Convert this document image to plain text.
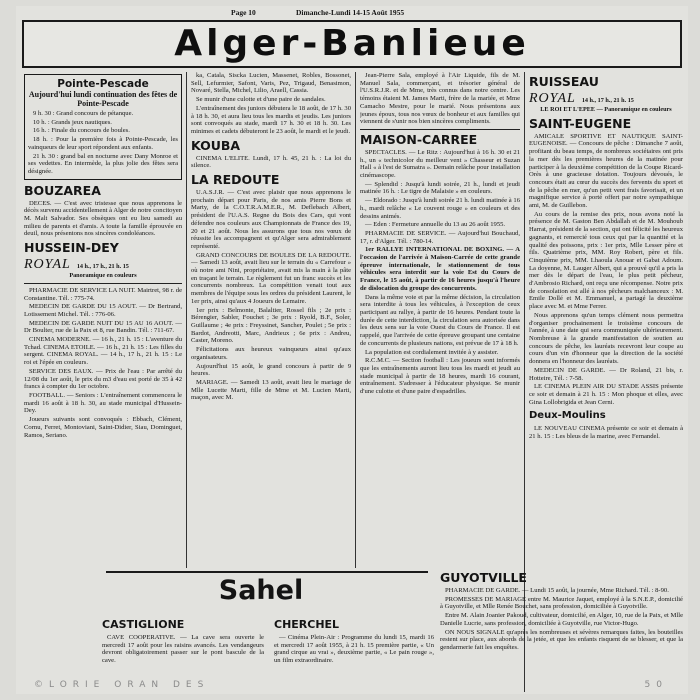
Page 10	Dimanche-Lundi 14-15 Août 1955
Alger-Banlieue
Pointe-Pescade
Aujourd'hui lundi continuation des fêtes de Pointe-Pescade

9 h. 30 : Grand concours de pétanque.

10 h. : Grands jeux nautiques.

16 h. : Finale du concours de boules.

18 h. : Pour la première fois à Pointe-Pescade, les vainqueurs de leur sport répondent aux enfants.

21 h. 30 : grand bal en nocturne avec Dany Monroe et ses vedettes. En intermède, la plus jolie des fêtes sera désignée.

BOUZAREA

DECES. — C'est avec tristesse que nous apprenons le décès survenu accidentellement à Alger de notre concitoyen M. Malt Salvador. Ses obsèques ont eu lieu samedi au milieu de parents et d'amis. A toute la famille éprouvée en deuil, nous présentons nos sincères condoléances.

HUSSEIN-DEY
ROYAL 14 h., 17 h., 21 h. 15
Panoramique en couleurs

PHARMACIE DE SERVICE LA NUIT. Mairtret, 98 r. de Constantine. Tél. : 775-74.

MEDECIN DE GARDE DU 15 AOUT. — Dr Bertrand, Lotissement Michel. Tél. : 776-06.

MEDECIN DE GARDE NUIT DU 15 AU 16 AOUT. — Dr Boulter, rue de la Paix et 8, rue Bandin. Tél. : 711-67.

CINEMA MODERNE. — 16 h., 21 h. 15 : L'aventure du Tchad. CINEMA ETOILE. — 16 h., 21 h. 15 : Les filles du sergent. CINEMA ROYAL. — 14 h., 17 h., 21 h. 15 : Le roi et l'épée en couleurs.

SERVICE DES EAUX. — Prix de l'eau : Par arrêté du 12/08 du 1er août, le prix du m3 d'eau est porté de 35 à 42 francs à compter du 1er octobre.

FOOTBALL. — Seniors : L'entraînement commencera le mardi 16 août à 18 h. 30, au stade municipal d'Hussein-Dey.

Joueurs suivants sont convoqués : Ebbach, Clément, Cornu, Ferret, Montoviani, Saint-Didier, Siau, Dominguet, Ramos, Seriano.

ka, Catala, Siscka Lucien, Massenet, Robles, Bossonet, Sell, Lefurmier, Safont, Varis, Pez, Trigaud, Benasimon, Novaré, Stella, Michel, Lilio, Araell, Cassia.

Se munir d'une culotte et d'une paire de sandales.

L'entraînement des juniors débutera le 18 août, de 17 h. 30 à 18 h. 30, et aura lieu tous les mardis et jeudis. Les juniors sont convoqués au stade, mardi 17 h. 30 et 18 h. 30. Les minimes et cadets débuteront le 23 août, le mardi et le jeudi.

KOUBA

CINEMA L'ELITE. Lundi, 17 h. 45, 21 h. : La loi du silence.

LA REDOUTE

U.A.S.J.R. — C'est avec plaisir que nous apprenons le prochain départ pour Paris, de nos amis Pierre Bons et Marty, de la C.O.T.R.A.M.E.R., M. Deflebach Albert, président de l'U.A.S. Regne du Bois des Cars, qui vont défendre nos couleurs aux Championnats de France des 19, 20 et 21 août. Nous les assurons que tous nos vœux de réussite les accompagnent et qu'Alger sera admirablement représenté.

GRAND CONCOURS DE BOULES DE LA REDOUTE. — Samedi 13 août, avait lieu sur le terrain du « Carrefour » où notre ami Nini, propriétaire, avait mis la main à la pâte en traçant le terrain. Le règlement fut un franc succès et les concurrents nombreux. La compétition venait tout aux membres de l'équipe sous les ordres du président Laurent, le 1er prix, ainsi qu'aux 4 Joueurs de Lemaire.

1er prix : Belmonte, Balaltier, Rossel fils ; 2e prix : Bérengier, Sabler, Fouchet ; 3e prix : Ryold, B.F., Soler, Guillaume ; 4e prix : Freyssinet, Sancher, Poulet ; 5e prix : Bardot, Andreotti, Marc, Andrieux ; 6e prix : Andreu, Caster, Moreno.

Félicitations aux heureux vainqueurs ainsi qu'aux organisateurs.

Aujourd'hui 15 août, le grand concours à partir de 9 heures.

MARIAGE. — Samedi 13 août, avait lieu le mariage de Mlle Lucette Marti, fille de Mme et M. Lucien Marti, maçon, avec M.

Jean-Pierre Sala, employé à l'Air Liquide, fils de M. Manuel Sala, commerçant, et trésorier général de l'U.S.R.J.R. et de Mme, très connus dans notre centre. Les témoins étaient M. James Marti, frère de la mariée, et Mme Camacho Mestre, pour le marié. Nous présentons aux jeunes époux, tous nos vœux de bonheur et aux familles qui viennent de s'unir nos bien sincères compliments.

MAISON-CARREE

SPECTACLES. — Le Ritz : Aujourd'hui à 16 h. 30 et 21 h., un « technicolor du meilleur vent » Chasseur et Suzan Hall « à l'est de Sumatra ». Demain relâche pour installation cinémascope.

— Splendid : Jusqu'à lundi soirée, 21 h., lundi et jeudi matinée 16 h. : Le tigre de Malaisie » en couleurs.

— Eldorado : Jusqu'à lundi soirée 21 h. lundi matinée à 16 h., mardi relâche « Le couvent rouge » en couleurs et des dessins animés.

— Eden : Fermeture annuelle du 13 au 26 août 1955.

PHARMACIE DE SERVICE. — Aujourd'hui Bouchaud, 17, r. d'Alger. Tél. : 780-14.

1er RALLYE INTERNATIONAL DE BOXING. — A l'occasion de l'arrivée à Maison-Carrée de cette grande épreuve internationale, le stationnement de tous véhicules sera interdit sur la voie Est du Cours de France, le 15 août, à partir de 16 heures jusqu'à l'heure de dislocation du groupe des concurrents.

Dans la même voie et par la même décision, la circulation sera interdite à tous les véhicules, à l'exception de ceux participant au rallye, à partir de 16 heures. Pendant toute la durée de cette interdiction, la circulation sera autorisée dans les deux sens sur la voie Ouest du Cours de France. Il est rappelé, que l'arrivée de cette épreuve groupant une centaine de concurrents de plusieurs nations, est prévue de 17 à 18 h.

La population est cordialement invitée à y assister.

R.C.M.C. — Section football : Les joueurs sont informés que les entraînements auront lieu tous les mardi et jeudi au stade municipal à partir de 18 heures, mardi 16 courant, entraînement. S'adresser à l'éducateur physique. Se munir d'une culotte et d'une paire d'espadrilles.

RUISSEAU
ROYAL 14 h., 17 h., 21 h. 15
LE ROI ET L'EPEE — Panoramique en couleurs
SAINT-EUGENE

AMICALE SPORTIVE ET NAUTIQUE SAINT-EUGENOISE. — Concours de pêche : Dimanche 7 août, profitant du beau temps, de nombreux sociétaires ont pris la mer dès les premières heures de la matinée pour participer à la deuxième compétition de la Coupe Ricard-Orès à une gracieuse dotation. Toujours dévoués, le concours était au cœur du succès des fervents du sport et de la pêche en mer, qu'un petit vent frais favorisait, et un magnifique service à porté offert par notre sympathique ami, M. de Guillebon.

Au cours de la remise des prix, nous avons noté la présence de M. Gaston Ben Abdallah et de M. Mouhoub Harrat, président de la section, qui ont félicité les heureux gagnants, et remercié tous ceux qui par la quantité et la qualité des poissons, prix : 1er prix, Mlle Lesser père et fils. Quatrième prix, MM. Roy Robert, père et fils. Cinquième prix, MM. Lhaoula Anouar et Gabat Adoum. La doyenne, M. Lauger Albert, qui a prouvé qu'il a pris la mer dès le départ de l'eau, le plus petit pêcheur, d'Ambrosio Richard, ont reçu une récompense. Notre prix de consolation est allé à nos pêcheurs malchanceux : M. Emile Dollé et M. Emmanuel, a partagé la deuxième place avec M. et Mme Ferrer.

Nous apprenons qu'un temps clément nous permettra d'organiser prochainement le troisième concours de l'année, à une date qui sera communiquée ultérieurement. Nombreuse à la grande manifestation de soutien au concours de pêche, les lauréats recevront leur coupe au cours d'un vin d'honneur que la direction de la société donnera en l'honneur des lauréats.

MEDECIN DE GARDE. — Dr Roland, 21 bis, r. Hotteire, Tél. : 7-58.

LE CINEMA PLEIN AIR DU STADE ASSIS présente ce soir et demain à 21 h. 15 : Mon phoque et elles, avec Gina Lollobrigida et Jean Cerni.

Deux-Moulins

LE NOUVEAU CINEMA présente ce soir et demain à 21 h. 15 : Les bleus de la marine, avec Fernandel.

Sahel
CASTIGLIONE

CAVE COOPERATIVE. — La cave sera ouverte le mercredi 17 août pour les raisins avancés. Les vendangeurs devront obligatoirement passer sur le pont bascule de la cave.

CHERCHEL

— Cinéma Plein-Air : Programme du lundi 15, mardi 16 et mercredi 17 août 1955, à 21 h. 15 première partie, « Un grand cirque au vrai », deuxième partie, « Le pain rouge », un film extraordinaire.

GUYOTVILLE

PHARMACIE DE GARDE. — Lundi 15 août, la journée, Mme Richard. Tél. : 8-90.

PROMESSES DE MARIAGE entre M. Maurice Jaquet, employé à la S.N.E.P., domicilié à Guyotville, et Mlle Renée Bouchet, sans profession, domiciliée à Guyotville.

Entre M. Alain Joanier Pakoud, cultivateur, domicilié, en Alger, 10, rue de la Paix, et Mlle Danielle Lucrie, sans profession, domiciliée à Guyotville, rue Victor-Hugo.

ON NOUS SIGNALE qu'après les nombreuses et sévères remarques faites, les bouteilles restent sur place, aux abords de la jetée, et que les enfants risquent de se blesser, et que la gendarmerie fait les enquêtes.

©LORIE ORAN DES	50
